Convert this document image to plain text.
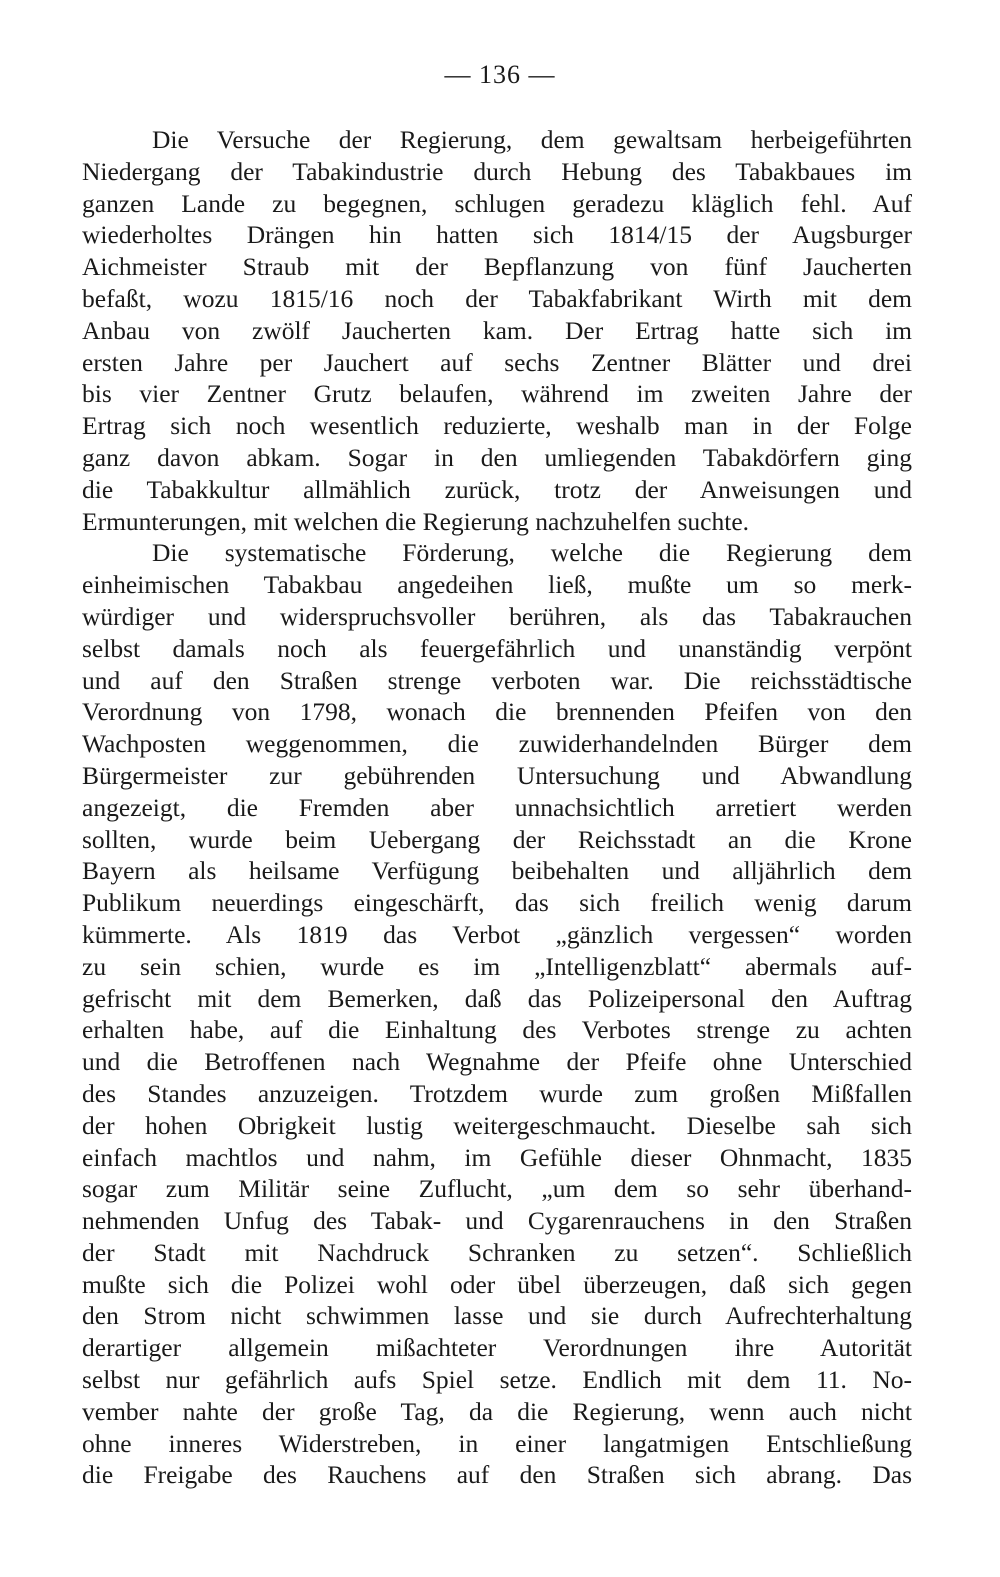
— 136 —
Die Versuche der Regierung, dem gewaltsam herbeigeführten
Niedergang der Tabakindustrie durch Hebung des Tabakbaues im
ganzen Lande zu begegnen, schlugen geradezu kläglich fehl. Auf
wiederholtes Drängen hin hatten sich 1814/15 der Augsburger
Aichmeister Straub mit der Bepflanzung von fünf Jaucherten
befaßt, wozu 1815/16 noch der Tabakfabrikant Wirth mit dem
Anbau von zwölf Jaucherten kam. Der Ertrag hatte sich im
ersten Jahre per Jauchert auf sechs Zentner Blätter und drei
bis vier Zentner Grutz belaufen, während im zweiten Jahre der
Ertrag sich noch wesentlich reduzierte, weshalb man in der Folge
ganz davon abkam. Sogar in den umliegenden Tabakdörfern ging
die Tabakkultur allmählich zurück, trotz der Anweisungen und
Ermunterungen, mit welchen die Regierung nachzuhelfen suchte.
Die systematische Förderung, welche die Regierung dem
einheimischen Tabakbau angedeihen ließ, mußte um so merk-
würdiger und widerspruchsvoller berühren, als das Tabakrauchen
selbst damals noch als feuergefährlich und unanständig verpönt
und auf den Straßen strenge verboten war. Die reichsstädtische
Verordnung von 1798, wonach die brennenden Pfeifen von den
Wachposten weggenommen, die zuwiderhandelnden Bürger dem
Bürgermeister zur gebührenden Untersuchung und Abwandlung
angezeigt, die Fremden aber unnachsichtlich arretiert werden
sollten, wurde beim Uebergang der Reichsstadt an die Krone
Bayern als heilsame Verfügung beibehalten und alljährlich dem
Publikum neuerdings eingeschärft, das sich freilich wenig darum
kümmerte. Als 1819 das Verbot „gänzlich vergessen“ worden
zu sein schien, wurde es im „Intelligenzblatt“ abermals auf-
gefrischt mit dem Bemerken, daß das Polizeipersonal den Auftrag
erhalten habe, auf die Einhaltung des Verbotes strenge zu achten
und die Betroffenen nach Wegnahme der Pfeife ohne Unterschied
des Standes anzuzeigen. Trotzdem wurde zum großen Mißfallen
der hohen Obrigkeit lustig weitergeschmaucht. Dieselbe sah sich
einfach machtlos und nahm, im Gefühle dieser Ohnmacht, 1835
sogar zum Militär seine Zuflucht, „um dem so sehr überhand-
nehmenden Unfug des Tabak- und Cygarenrauchens in den Straßen
der Stadt mit Nachdruck Schranken zu setzen“. Schließlich
mußte sich die Polizei wohl oder übel überzeugen, daß sich gegen
den Strom nicht schwimmen lasse und sie durch Aufrechterhaltung
derartiger allgemein mißachteter Verordnungen ihre Autorität
selbst nur gefährlich aufs Spiel setze. Endlich mit dem 11. No-
vember nahte der große Tag, da die Regierung, wenn auch nicht
ohne inneres Widerstreben, in einer langatmigen Entschließung
die Freigabe des Rauchens auf den Straßen sich abrang. Das
